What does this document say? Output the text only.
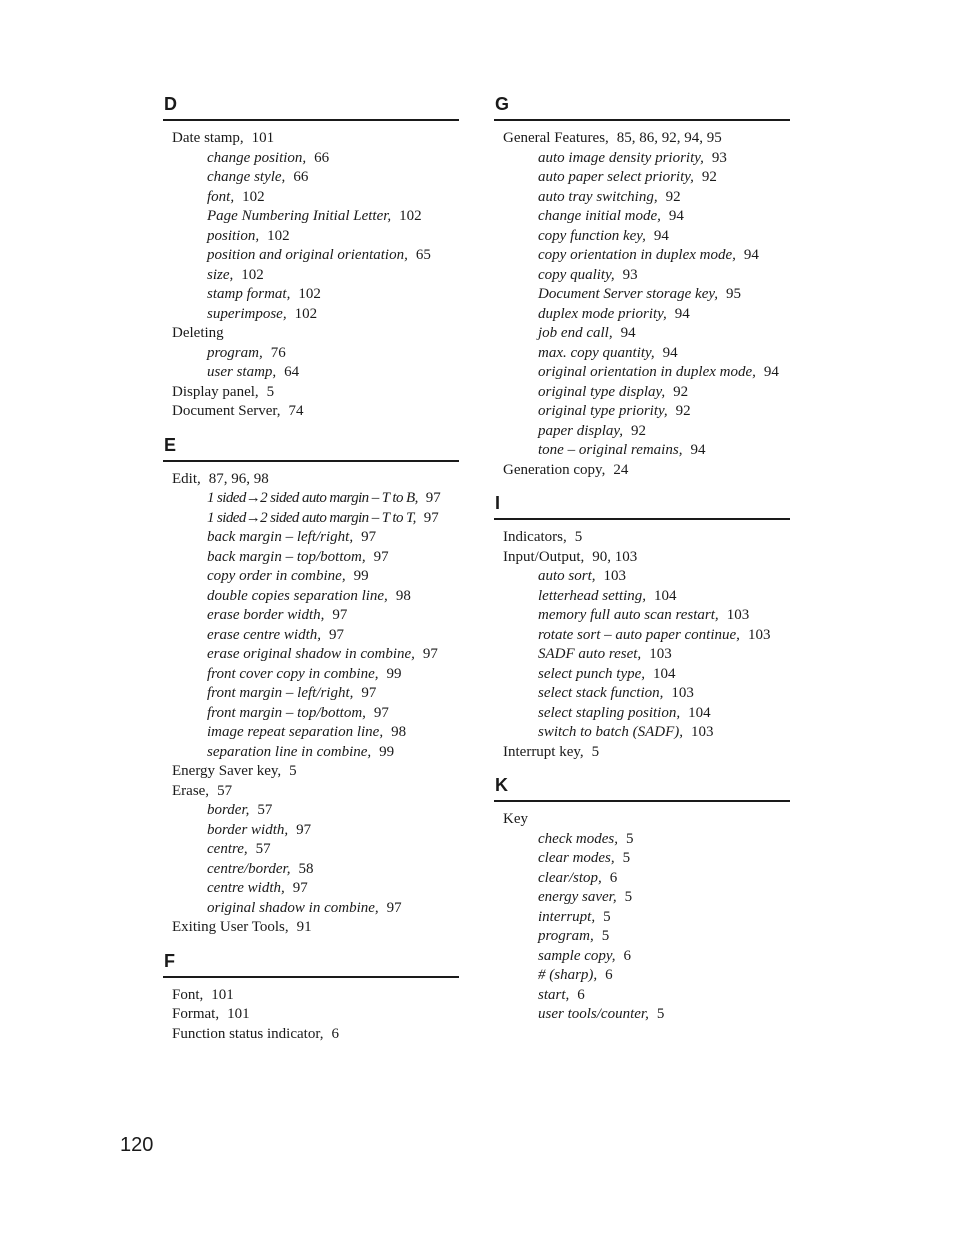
D
Date stamp, 101
change position, 66
change style, 66
font, 102
Page Numbering Initial Letter, 102
position, 102
position and original orientation, 65
size, 102
stamp format, 102
superimpose, 102
Deleting
program, 76
user stamp, 64
Display panel, 5
Document Server, 74
E
Edit, 87, 96, 98
1 sided→2 sided auto margin – T to B, 97
1 sided→2 sided auto margin – T to T, 97
back margin – left/right, 97
back margin – top/bottom, 97
copy order in combine, 99
double copies separation line, 98
erase border width, 97
erase centre width, 97
erase original shadow in combine, 97
front cover copy in combine, 99
front margin – left/right, 97
front margin – top/bottom, 97
image repeat separation line, 98
separation line in combine, 99
Energy Saver key, 5
Erase, 57
border, 57
border width, 97
centre, 57
centre/border, 58
centre width, 97
original shadow in combine, 97
Exiting User Tools, 91
F
Font, 101
Format, 101
Function status indicator, 6
G
General Features, 85, 86, 92, 94, 95
auto image density priority, 93
auto paper select priority, 92
auto tray switching, 92
change initial mode, 94
copy function key, 94
copy orientation in duplex mode, 94
copy quality, 93
Document Server storage key, 95
duplex mode priority, 94
job end call, 94
max. copy quantity, 94
original orientation in duplex mode, 94
original type display, 92
original type priority, 92
paper display, 92
tone – original remains, 94
Generation copy, 24
I
Indicators, 5
Input/Output, 90, 103
auto sort, 103
letterhead setting, 104
memory full auto scan restart, 103
rotate sort – auto paper continue, 103
SADF auto reset, 103
select punch type, 104
select stack function, 103
select stapling position, 104
switch to batch (SADF), 103
Interrupt key, 5
K
Key
check modes, 5
clear modes, 5
clear/stop, 6
energy saver, 5
interrupt, 5
program, 5
sample copy, 6
# (sharp), 6
start, 6
user tools/counter, 5
120
